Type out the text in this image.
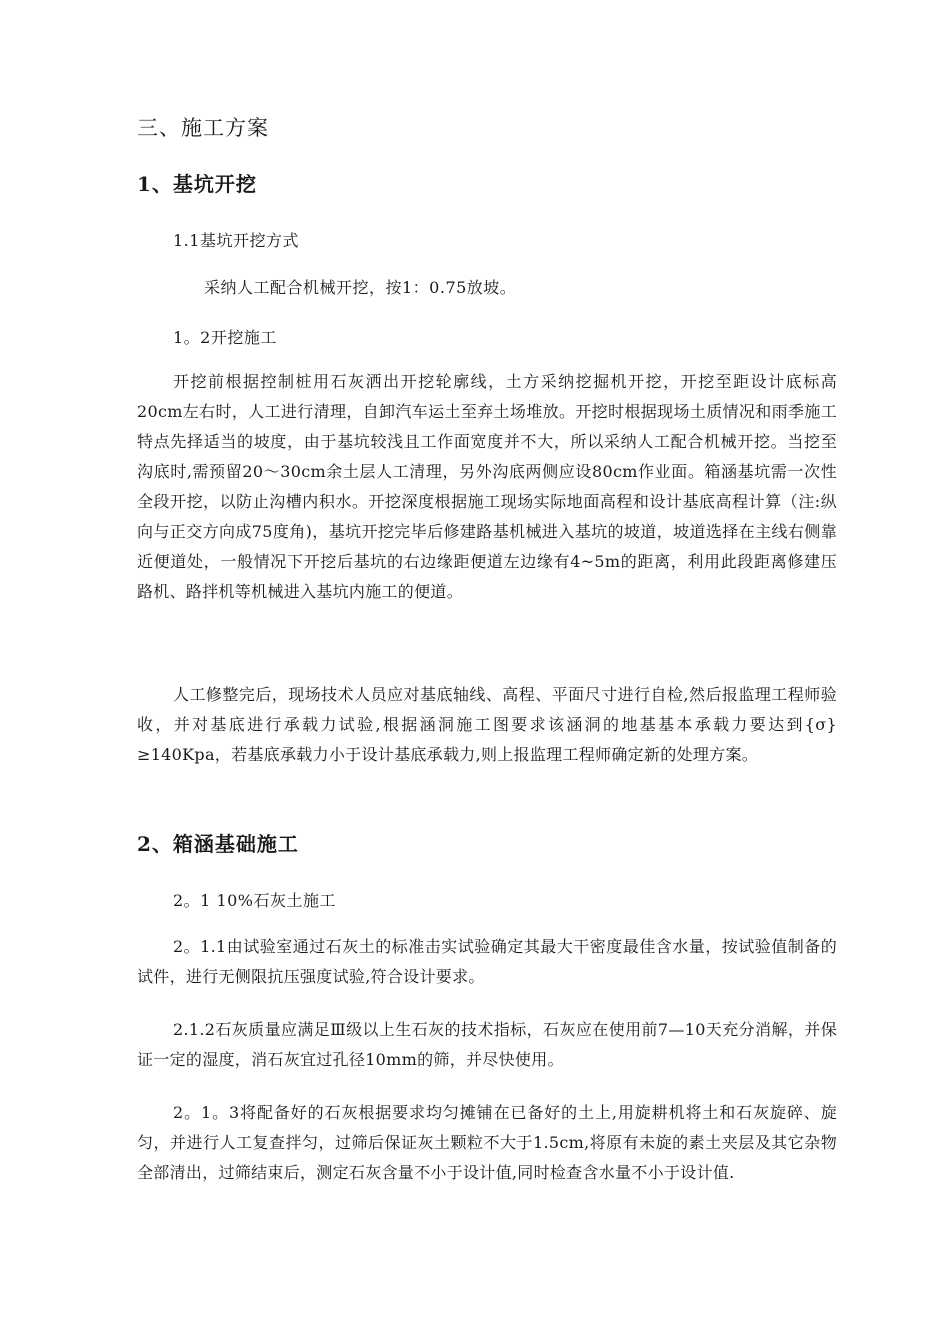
三、施工方案
1、基坑开挖
1.1基坑开挖方式
采纳人工配合机械开挖，按1：0.75放坡。
1。2开挖施工

开挖前根据控制桩用石灰洒出开挖轮廓线，土方采纳挖掘机开挖，开挖至距设计底标高20cm左右时，人工进行清理，自卸汽车运土至弃土场堆放。开挖时根据现场土质情况和雨季施工特点先择适当的坡度，由于基坑较浅且工作面宽度并不大，所以采纳人工配合机械开挖。当挖至沟底时,需预留20～30cm余土层人工清理，另外沟底两侧应设80cm作业面。箱涵基坑需一次性全段开挖，以防止沟槽内积水。开挖深度根据施工现场实际地面高程和设计基底高程计算（注:纵向与正交方向成75度角)，基坑开挖完毕后修建路基机械进入基坑的坡道，坡道选择在主线右侧靠近便道处，一般情况下开挖后基坑的右边缘距便道左边缘有4~5m的距离，利用此段距离修建压路机、路拌机等机械进入基坑内施工的便道。

人工修整完后，现场技术人员应对基底轴线、高程、平面尺寸进行自检,然后报监理工程师验收，并对基底进行承载力试验,根据涵洞施工图要求该涵洞的地基基本承载力要达到{σ}≥140Kpa，若基底承载力小于设计基底承载力,则上报监理工程师确定新的处理方案。

2、箱涵基础施工
2。1 10%石灰土施工

2。1.1由试验室通过石灰土的标准击实试验确定其最大干密度最佳含水量，按试验值制备的试件，进行无侧限抗压强度试验,符合设计要求。

2.1.2石灰质量应满足Ⅲ级以上生石灰的技术指标，石灰应在使用前7—10天充分消解，并保证一定的湿度，消石灰宜过孔径10mm的筛，并尽快使用。

2。1。3将配备好的石灰根据要求均匀摊铺在已备好的土上,用旋耕机将土和石灰旋碎、旋匀，并进行人工复查拌匀，过筛后保证灰土颗粒不大于1.5cm,将原有未旋的素土夹层及其它杂物全部清出，过筛结束后，测定石灰含量不小于设计值,同时检查含水量不小于设计值.
